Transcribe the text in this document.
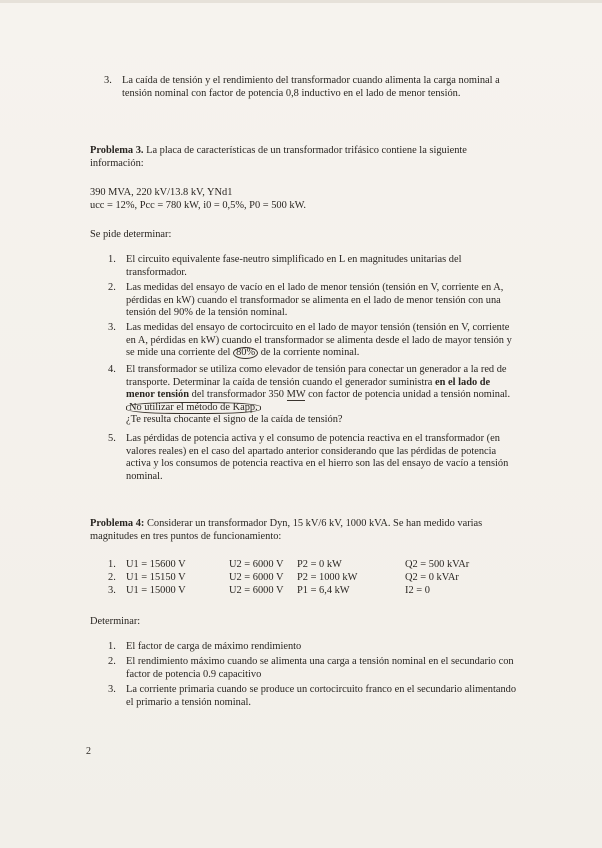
3. La caída de tensión y el rendimiento del transformador cuando alimenta la carga nominal a tensión nominal con factor de potencia 0,8 inductivo en el lado de menor tensión.

Problema 3. La placa de características de un transformador trifásico contiene la siguiente información:

390 MVA, 220 kV/13.8 kV, YNd1

ucc = 12%, Pcc = 780 kW, i0 = 0,5%, P0 = 500 kW.

Se pide determinar:

1. El circuito equivalente fase-neutro simplificado en L en magnitudes unitarias del transformador.
2. Las medidas del ensayo de vacío en el lado de menor tensión (tensión en V, corriente en A, pérdidas en kW) cuando el transformador se alimenta en el lado de menor tensión con una tensión del 90% de la tensión nominal.
3. Las medidas del ensayo de cortocircuito en el lado de mayor tensión (tensión en V, corriente en A, pérdidas en kW) cuando el transformador se alimenta desde el lado de mayor tensión y se mide una corriente del 80% de la corriente nominal.
4. El transformador se utiliza como elevador de tensión para conectar un generador a la red de transporte. Determinar la caída de tensión cuando el generador suministra en el lado de menor tensión del transformador 350 MW con factor de potencia unidad a tensión nominal. No utilizar el método de Kapp.
¿Te resulta chocante el signo de la caída de tensión?
5. Las pérdidas de potencia activa y el consumo de potencia reactiva en el transformador (en valores reales) en el caso del apartado anterior considerando que las pérdidas de potencia activa y los consumos de potencia reactiva en el hierro son las del ensayo de vacío a tensión nominal.

Problema 4: Considerar un transformador Dyn, 15 kV/6 kV, 1000 kVA. Se han medido varias magnitudes en tres puntos de funcionamiento:

1. U1 = 15600 V	U2 = 6000 V P2 = 0 kW	Q2 = 500 kVAr
2. U1 = 15150 V	U2 = 6000 V P2 = 1000 kW	Q2 = 0 kVAr
3. U1 = 15000 V	U2 = 6000 V P1 = 6,4 kW	I2 = 0

Determinar:

1. El factor de carga de máximo rendimiento
2. El rendimiento máximo cuando se alimenta una carga a tensión nominal en el secundario con factor de potencia 0.9 capacitivo
3. La corriente primaria cuando se produce un cortocircuito franco en el secundario alimentando el primario a tensión nominal.
2
